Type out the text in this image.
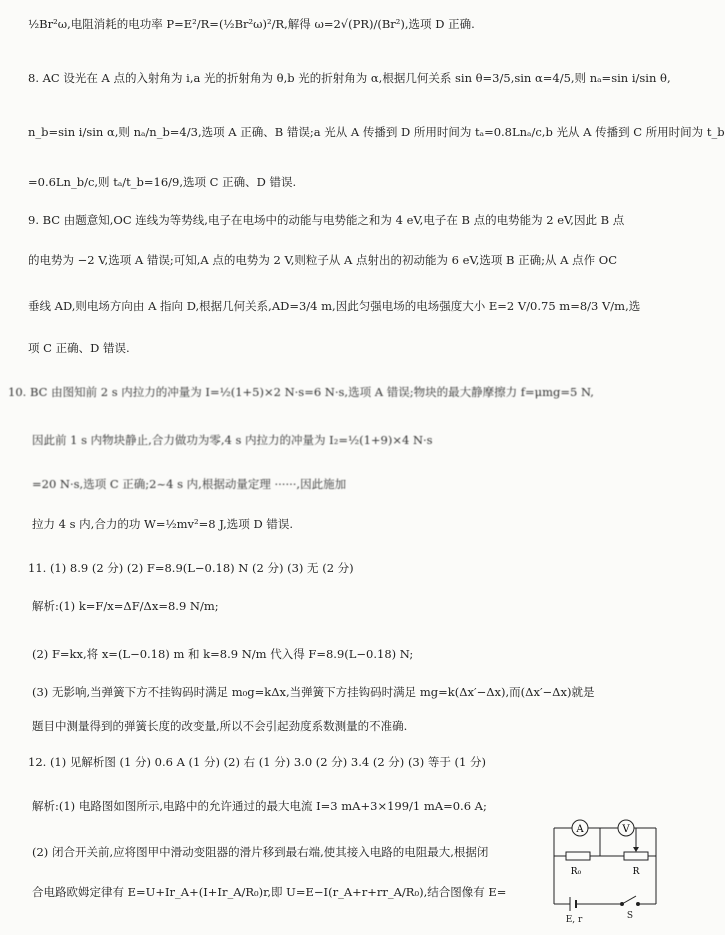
½Br²ω,电阻消耗的电功率 P=E²/R=(½Br²ω)²/R,解得 ω=2√(PR)/(Br²),选项 D 正确.
8. AC 设光在 A 点的入射角为 i,a 光的折射角为 θ,b 光的折射角为 α,根据几何关系 sin θ=3/5,sin α=4/5,则 nₐ=sin i/sin θ,
n_b=sin i/sin α,则 nₐ/n_b=4/3,选项 A 正确、B 错误;a 光从 A 传播到 D 所用时间为 tₐ=0.8Lnₐ/c,b 光从 A 传播到 C 所用时间为 t_b
=0.6Ln_b/c,则 tₐ/t_b=16/9,选项 C 正确、D 错误.
9. BC 由题意知,OC 连线为等势线,电子在电场中的动能与电势能之和为 4 eV,电子在 B 点的电势能为 2 eV,因此 B 点
的电势为 −2 V,选项 A 错误;可知,A 点的电势为 2 V,则粒子从 A 点射出的初动能为 6 eV,选项 B 正确;从 A 点作 OC
垂线 AD,则电场方向由 A 指向 D,根据几何关系,AD=3/4 m,因此匀强电场的电场强度大小 E=2 V/0.75 m=8/3 V/m,选
项 C 正确、D 错误.
10. BC 由图知前 2 s 内拉力的冲量为 I=½(1+5)×2 N·s=6 N·s,选项 A 错误;物块的最大静摩擦力 f=μmg=5 N,
因此前 1 s 内物块静止,合力做功为零,4 s 内拉力的冲量为 I₂=½(1+9)×4 N·s
=20 N·s,选项 C 正确;2~4 s 内,根据动量定理 ······,因此施加
拉力 4 s 内,合力的功 W=½mv²=8 J,选项 D 错误.
11. (1) 8.9 (2 分) (2) F=8.9(L−0.18) N (2 分) (3) 无 (2 分)
解析:(1) k=F/x=ΔF/Δx=8.9 N/m;
(2) F=kx,将 x=(L−0.18) m 和 k=8.9 N/m 代入得 F=8.9(L−0.18) N;
(3) 无影响,当弹簧下方不挂钩码时满足 m₀g=kΔx,当弹簧下方挂钩码时满足 mg=k(Δx′−Δx),而(Δx′−Δx)就是
题目中测量得到的弹簧长度的改变量,所以不会引起劲度系数测量的不准确.
12. (1) 见解析图 (1 分) 0.6 A (1 分) (2) 右 (1 分) 3.0 (2 分) 3.4 (2 分) (3) 等于 (1 分)
解析:(1) 电路图如图所示,电路中的允许通过的最大电流 I=3 mA+3×199/1 mA=0.6 A;
(2) 闭合开关前,应将图甲中滑动变阻器的滑片移到最右端,使其接入电路的电阻最大,根据闭
合电路欧姆定律有 E=U+Ir_A+(I+Ir_A/R₀)r,即 U=E−I(r_A+r+rr_A/R₀),结合图像有 E=
A	V
R₀	R
E, r	S
